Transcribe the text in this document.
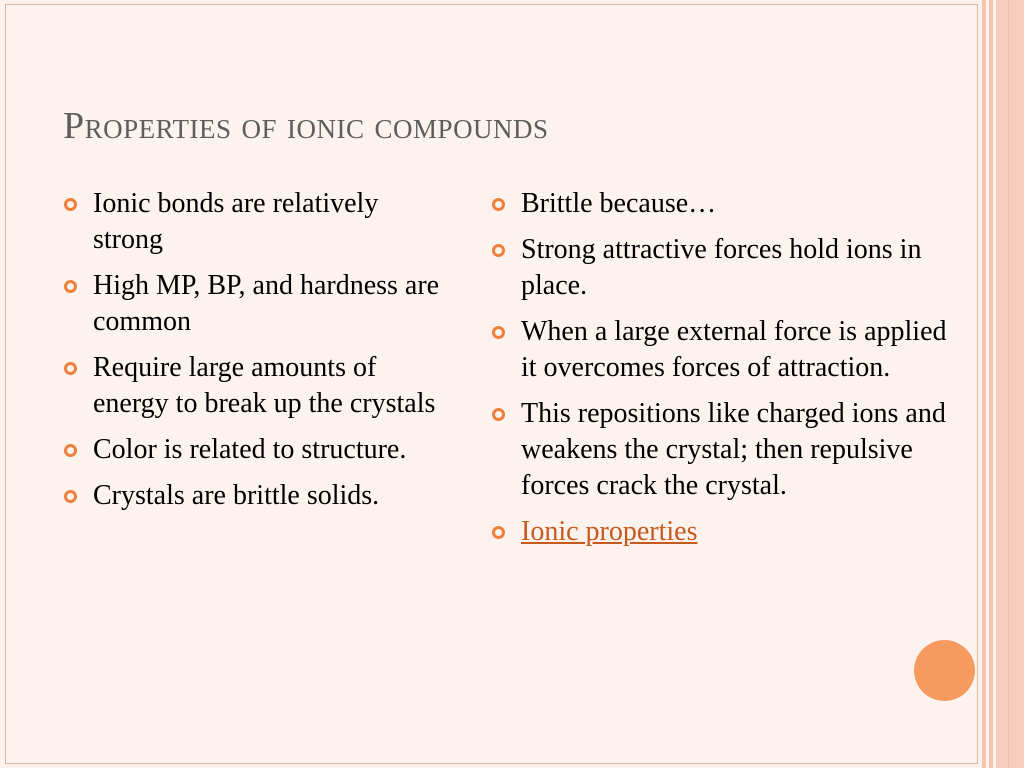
Properties of ionic compounds
Ionic bonds are relatively strong
High MP, BP, and hardness are common
Require large amounts of energy to break up the crystals
Color is related to structure.
Crystals are brittle solids.
Brittle because…
Strong attractive forces hold ions in place.
When a large external force is applied it overcomes forces of attraction.
This repositions like charged ions and weakens the crystal; then repulsive forces crack the crystal.
Ionic properties
